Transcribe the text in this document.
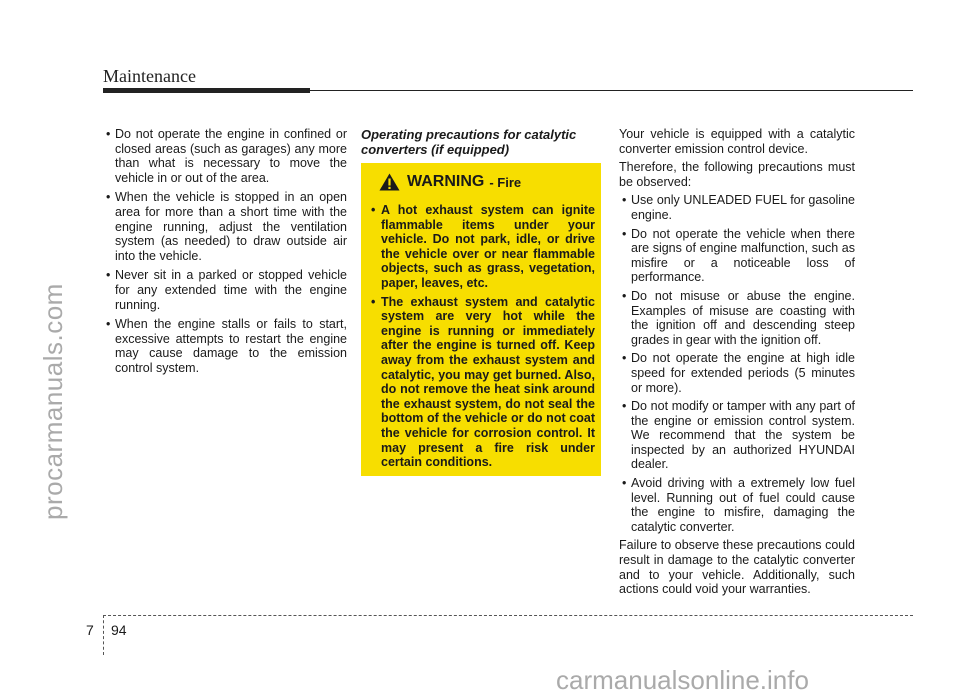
Maintenance
• Do not operate the engine in confined or closed areas (such as garages) any more than what is necessary to move the vehicle in or out of the area.
• When the vehicle is stopped in an open area for more than a short time with the engine running, adjust the ventilation system (as needed) to draw outside air into the vehicle.
• Never sit in a parked or stopped vehicle for any extended time with the engine running.
• When the engine stalls or fails to start, excessive attempts to restart the engine may cause damage to the emission control system.
Operating precautions for catalytic converters (if equipped)
WARNING - Fire
• A hot exhaust system can ignite flammable items under your vehicle. Do not park, idle, or drive the vehicle over or near flammable objects, such as grass, vegetation, paper, leaves, etc.
• The exhaust system and catalytic system are very hot while the engine is running or immediately after the engine is turned off. Keep away from the exhaust system and catalytic, you may get burned. Also, do not remove the heat sink around the exhaust system, do not seal the bottom of the vehicle or do not coat the vehicle for corrosion control. It may present a fire risk under certain conditions.

Your vehicle is equipped with a catalytic converter emission control device.

Therefore, the following precautions must be observed:

• Use only UNLEADED FUEL for gasoline engine.
• Do not operate the vehicle when there are signs of engine malfunction, such as misfire or a noticeable loss of performance.
• Do not misuse or abuse the engine. Examples of misuse are coasting with the ignition off and descending steep grades in gear with the ignition off.
• Do not operate the engine at high idle speed for extended periods (5 minutes or more).
• Do not modify or tamper with any part of the engine or emission control system. We recommend that the system be inspected by an authorized HYUNDAI dealer.
• Avoid driving with a extremely low fuel level. Running out of fuel could cause the engine to misfire, damaging the catalytic converter.

Failure to observe these precautions could result in damage to the catalytic converter and to your vehicle. Additionally, such actions could void your warranties.

procarmanuals.com
carmanualsonline.info
7 94
